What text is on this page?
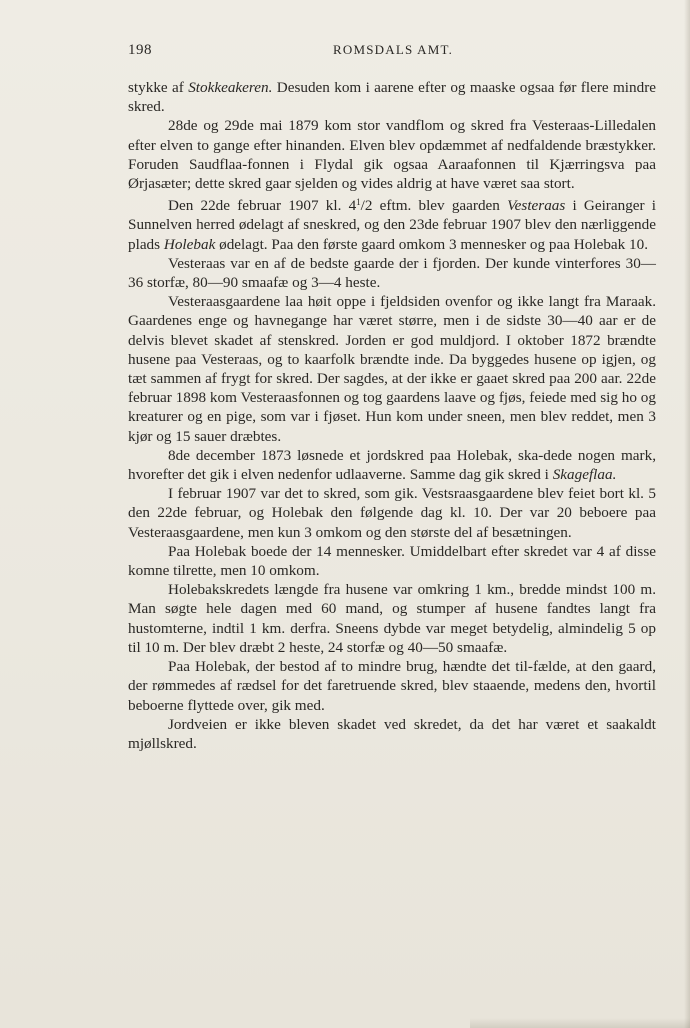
198	ROMSDALS AMT.

stykke af Stokkeakeren. Desuden kom i aarene efter og maaske ogsaa før flere mindre skred.

28de og 29de mai 1879 kom stor vandflom og skred fra Vesteraas-Lilledalen efter elven to gange efter hinanden. Elven blev opdæmmet af nedfaldende bræstykker. Foruden Saudflaa-fonnen i Flydal gik ogsaa Aaraafonnen til Kjærringsva paa Ørjasæter; dette skred gaar sjelden og vides aldrig at have været saa stort.

Den 22de februar 1907 kl. $4^1/2$ eftm. blev gaarden Vesteraas i Geiranger i Sunnelven herred ødelagt af sneskred, og den 23de februar 1907 blev den nærliggende plads Holebak ødelagt. Paa den første gaard omkom 3 mennesker og paa Holebak 10.

Vesteraas var en af de bedste gaarde der i fjorden. Der kunde vinterfores 30—36 storfæ, 80—90 smaafæ og 3—4 heste.

Vesteraasgaardene laa høit oppe i fjeldsiden ovenfor og ikke langt fra Maraak. Gaardenes enge og havnegange har været større, men i de sidste 30—40 aar er de delvis blevet skadet af stenskred. Jorden er god muldjord. I oktober 1872 brændte husene paa Vesteraas, og to kaarfolk brændte inde. Da byggedes husene op igjen, og tæt sammen af frygt for skred. Der sagdes, at der ikke er gaaet skred paa 200 aar. 22de februar 1898 kom Vesteraasfonnen og tog gaardens laave og fjøs, feiede med sig ho og kreaturer og en pige, som var i fjøset. Hun kom under sneen, men blev reddet, men 3 kjør og 15 sauer dræbtes.

8de december 1873 løsnede et jordskred paa Holebak, ska-dede nogen mark, hvorefter det gik i elven nedenfor udlaaverne. Samme dag gik skred i Skageflaa.

I februar 1907 var det to skred, som gik. Vestsraasgaardene blev feiet bort kl. 5 den 22de februar, og Holebak den følgende dag kl. 10. Der var 20 beboere paa Vesteraasgaardene, men kun 3 omkom og den største del af besætningen.

Paa Holebak boede der 14 mennesker. Umiddelbart efter skredet var 4 af disse komne tilrette, men 10 omkom.

Holebakskredets længde fra husene var omkring 1 km., bredde mindst 100 m. Man søgte hele dagen med 60 mand, og stumper af husene fandtes langt fra hustomterne, indtil 1 km. derfra. Sneens dybde var meget betydelig, almindelig 5 op til 10 m. Der blev dræbt 2 heste, 24 storfæ og 40—50 smaafæ.

Paa Holebak, der bestod af to mindre brug, hændte det til-fælde, at den gaard, der rømmedes af rædsel for det faretruende skred, blev staaende, medens den, hvortil beboerne flyttede over, gik med.

Jordveien er ikke bleven skadet ved skredet, da det har været et saakaldt mjøllskred.
